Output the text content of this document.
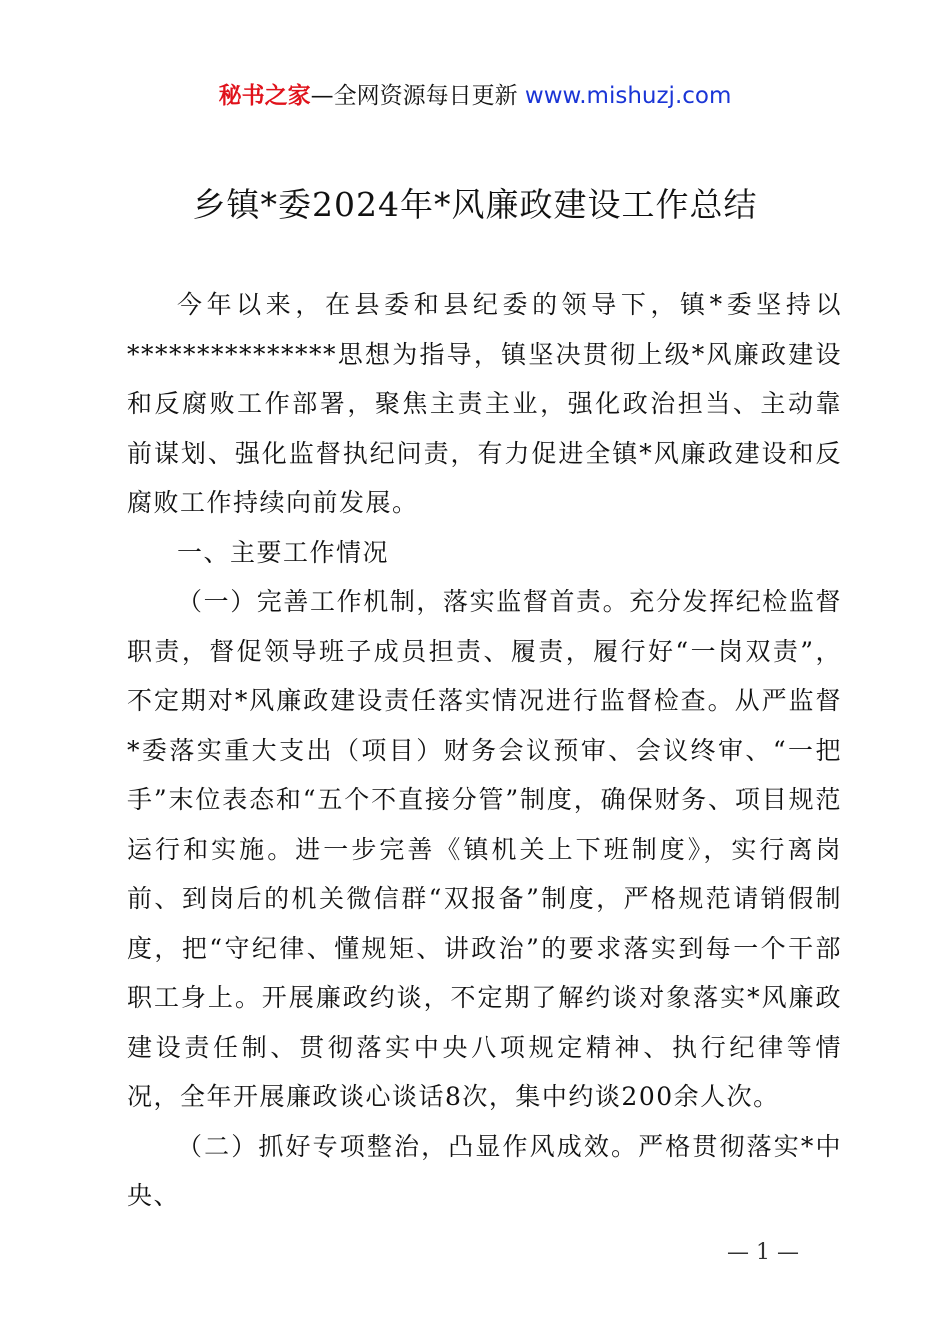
秘书之家—全网资源每日更新 www.mishuzj.com
乡镇*委2024年*风廉政建设工作总结

今年以来，在县委和县纪委的领导下，镇*委坚持以***************思想为指导，镇坚决贯彻上级*风廉政建设和反腐败工作部署，聚焦主责主业，强化政治担当、主动靠前谋划、强化监督执纪问责，有力促进全镇*风廉政建设和反腐败工作持续向前发展。

一、主要工作情况

（一）完善工作机制，落实监督首责。充分发挥纪检监督职责，督促领导班子成员担责、履责，履行好“一岗双责”，不定期对*风廉政建设责任落实情况进行监督检查。从严监督*委落实重大支出（项目）财务会议预审、会议终审、“一把手”末位表态和“五个不直接分管”制度，确保财务、项目规范运行和实施。进一步完善《镇机关上下班制度》，实行离岗前、到岗后的机关微信群“双报备”制度，严格规范请销假制度，把“守纪律、懂规矩、讲政治”的要求落实到每一个干部职工身上。开展廉政约谈，不定期了解约谈对象落实*风廉政建设责任制、贯彻落实中央八项规定精神、执行纪律等情况，全年开展廉政谈心谈话8次，集中约谈200余人次。

（二）抓好专项整治，凸显作风成效。严格贯彻落实*中央、

— 1 —
